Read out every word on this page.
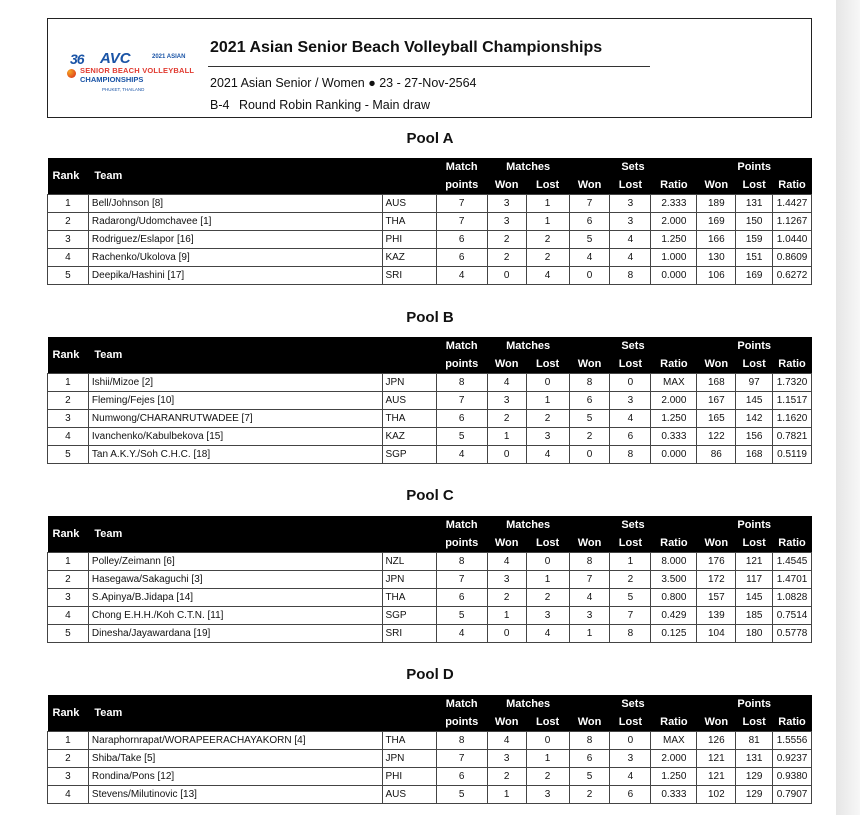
36 AVC	2021 ASIAN
SENIOR BEACH VOLLEYBALL
CHAMPIONSHIPS
PHUKET, THAILAND
2021 Asian Senior Beach Volleyball Championships
2021 Asian Senior / Women ● 23 - 27-Nov-2564
B-4 Round Robin Ranking - Main draw
Pool A
Rank	Team		Match	Matches		Sets			Points		
			points	Won	Lost	Won	Lost	Ratio	Won	Lost	Ratio
1	Bell/Johnson [8]	AUS	7	3	1	7	3	2.333	189	131	1.4427
2	Radarong/Udomchavee [1]	THA	7	3	1	6	3	2.000	169	150	1.1267
3	Rodriguez/Eslapor [16]	PHI	6	2	2	5	4	1.250	166	159	1.0440
4	Rachenko/Ukolova [9]	KAZ	6	2	2	4	4	1.000	130	151	0.8609
5	Deepika/Hashini [17]	SRI	4	0	4	0	8	0.000	106	169	0.6272
Pool B
Rank	Team		Match	Matches		Sets			Points		
			points	Won	Lost	Won	Lost	Ratio	Won	Lost	Ratio
1	Ishii/Mizoe [2]	JPN	8	4	0	8	0	MAX	168	97	1.7320
2	Fleming/Fejes [10]	AUS	7	3	1	6	3	2.000	167	145	1.1517
3	Numwong/CHARANRUTWADEE [7]	THA	6	2	2	5	4	1.250	165	142	1.1620
4	Ivanchenko/Kabulbekova [15]	KAZ	5	1	3	2	6	0.333	122	156	0.7821
5	Tan A.K.Y./Soh C.H.C. [18]	SGP	4	0	4	0	8	0.000	86	168	0.5119
Pool C
Rank	Team		Match	Matches		Sets			Points		
			points	Won	Lost	Won	Lost	Ratio	Won	Lost	Ratio
1	Polley/Zeimann [6]	NZL	8	4	0	8	1	8.000	176	121	1.4545
2	Hasegawa/Sakaguchi [3]	JPN	7	3	1	7	2	3.500	172	117	1.4701
3	S.Apinya/B.Jidapa [14]	THA	6	2	2	4	5	0.800	157	145	1.0828
4	Chong E.H.H./Koh C.T.N. [11]	SGP	5	1	3	3	7	0.429	139	185	0.7514
5	Dinesha/Jayawardana [19]	SRI	4	0	4	1	8	0.125	104	180	0.5778
Pool D
Rank	Team		Match	Matches		Sets			Points		
			points	Won	Lost	Won	Lost	Ratio	Won	Lost	Ratio
1	Naraphornrapat/WORAPEERACHAYAKORN [4]	THA	8	4	0	8	0	MAX	126	81	1.5556
2	Shiba/Take [5]	JPN	7	3	1	6	3	2.000	121	131	0.9237
3	Rondina/Pons [12]	PHI	6	2	2	5	4	1.250	121	129	0.9380
4	Stevens/Milutinovic [13]	AUS	5	1	3	2	6	0.333	102	129	0.7907
